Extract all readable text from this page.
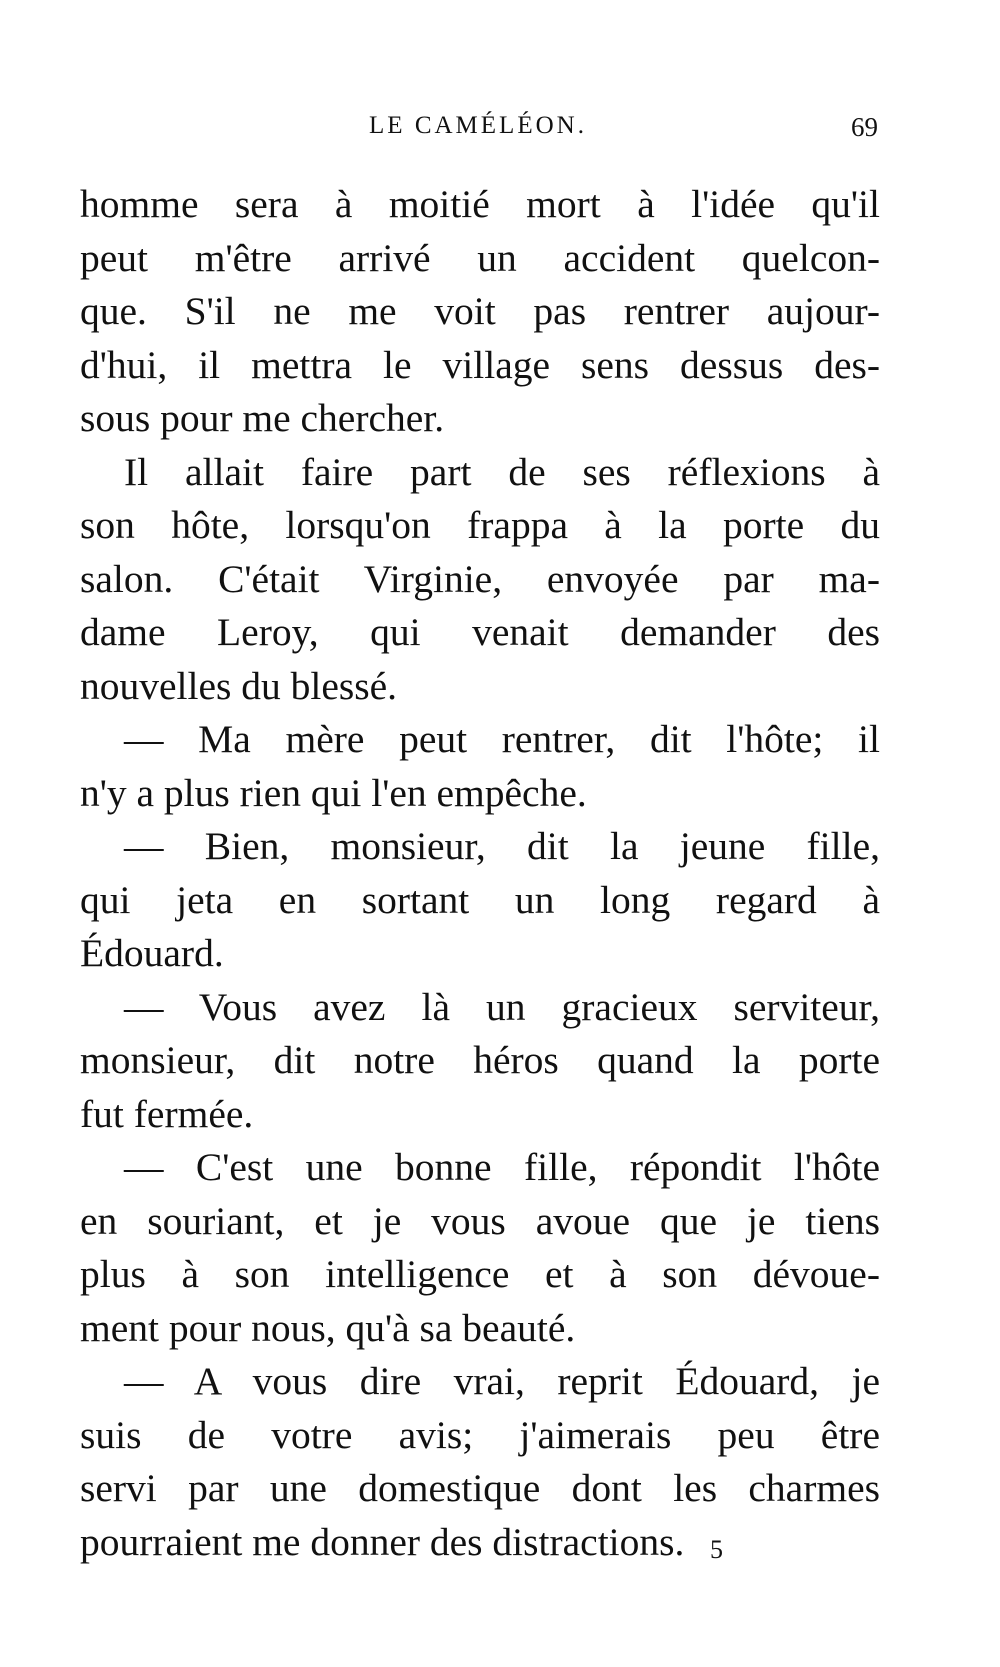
LE CAMÉLÉON.	69
homme sera à moitié mort à l'idée qu'il
peut m'être arrivé un accident quelcon-
que. S'il ne me voit pas rentrer aujour-
d'hui, il mettra le village sens dessus des-
sous pour me chercher.
Il allait faire part de ses réflexions à
son hôte, lorsqu'on frappa à la porte du
salon. C'était Virginie, envoyée par ma-
dame Leroy, qui venait demander des
nouvelles du blessé.
— Ma mère peut rentrer, dit l'hôte; il
n'y a plus rien qui l'en empêche.
— Bien, monsieur, dit la jeune fille,
qui jeta en sortant un long regard à
Édouard.
— Vous avez là un gracieux serviteur,
monsieur, dit notre héros quand la porte
fut fermée.
— C'est une bonne fille, répondit l'hôte
en souriant, et je vous avoue que je tiens
plus à son intelligence et à son dévoue-
ment pour nous, qu'à sa beauté.
— A vous dire vrai, reprit Édouard, je
suis de votre avis; j'aimerais peu être
servi par une domestique dont les charmes
pourraient me donner des distractions. 5
